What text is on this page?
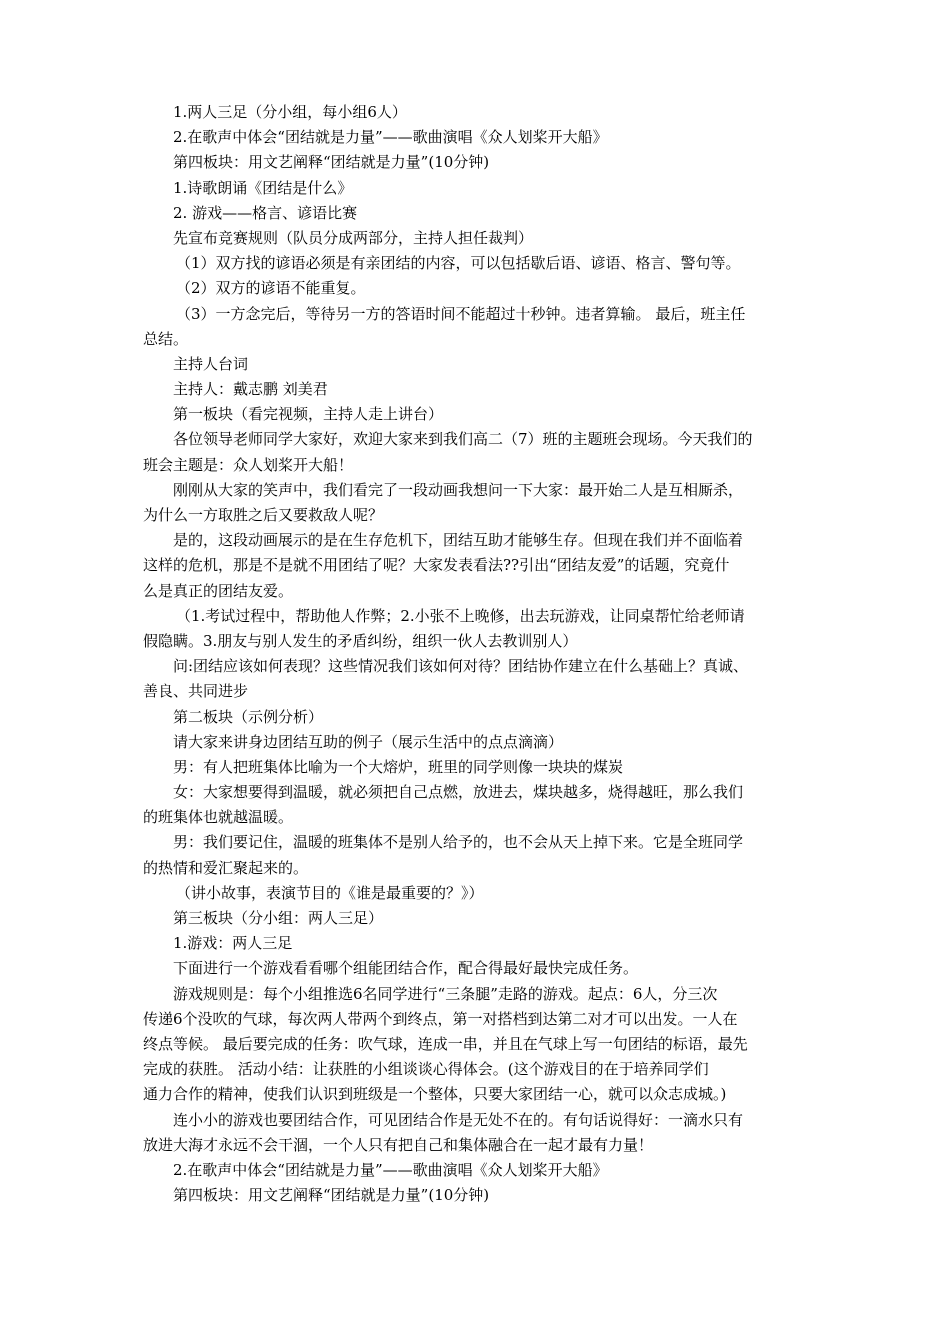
1.两人三足（分小组，每小组6人）
2.在歌声中体会“团结就是力量”——歌曲演唱《众人划桨开大船》
第四板块：用文艺阐释“团结就是力量”(10分钟)
1.诗歌朗诵《团结是什么》
2. 游戏——格言、谚语比赛
先宣布竞赛规则（队员分成两部分，主持人担任裁判）
（1）双方找的谚语必须是有亲团结的内容，可以包括歇后语、谚语、格言、警句等。
（2）双方的谚语不能重复。
（3）一方念完后，等待另一方的答语时间不能超过十秒钟。违者算输。 最后，班主任
总结。
主持人台词
主持人：戴志鹏 刘美君
第一板块（看完视频，主持人走上讲台）
各位领导老师同学大家好，欢迎大家来到我们高二（7）班的主题班会现场。今天我们的
班会主题是：众人划桨开大船！
刚刚从大家的笑声中，我们看完了一段动画我想问一下大家：最开始二人是互相厮杀，
为什么一方取胜之后又要救敌人呢？
是的，这段动画展示的是在生存危机下，团结互助才能够生存。但现在我们并不面临着
这样的危机，那是不是就不用团结了呢？大家发表看法??引出“团结友爱”的话题，究竟什
么是真正的团结友爱。
（1.考试过程中，帮助他人作弊；2.小张不上晚修，出去玩游戏，让同桌帮忙给老师请
假隐瞒。3.朋友与别人发生的矛盾纠纷，组织一伙人去教训别人）
问:团结应该如何表现？这些情况我们该如何对待？团结协作建立在什么基础上？真诚、
善良、共同进步
第二板块（示例分析）
请大家来讲身边团结互助的例子（展示生活中的点点滴滴）
男：有人把班集体比喻为一个大熔炉，班里的同学则像一块块的煤炭
女：大家想要得到温暖，就必须把自己点燃，放进去，煤块越多，烧得越旺，那么我们
的班集体也就越温暖。
男：我们要记住，温暖的班集体不是别人给予的，也不会从天上掉下来。它是全班同学
的热情和爱汇聚起来的。
（讲小故事，表演节目的《谁是最重要的？》）
第三板块（分小组：两人三足）
1.游戏：两人三足
下面进行一个游戏看看哪个组能团结合作，配合得最好最快完成任务。
游戏规则是：每个小组推选6名同学进行“三条腿”走路的游戏。起点：6人，分三次
传递6个没吹的气球，每次两人带两个到终点，第一对搭档到达第二对才可以出发。一人在
终点等候。 最后要完成的任务：吹气球，连成一串，并且在气球上写一句团结的标语，最先
完成的获胜。 活动小结：让获胜的小组谈谈心得体会。(这个游戏目的在于培养同学们
通力合作的精神，使我们认识到班级是一个整体，只要大家团结一心，就可以众志成城。)
连小小的游戏也要团结合作，可见团结合作是无处不在的。有句话说得好：一滴水只有
放进大海才永远不会干涸，一个人只有把自己和集体融合在一起才最有力量！
2.在歌声中体会“团结就是力量”——歌曲演唱《众人划桨开大船》
第四板块：用文艺阐释“团结就是力量”(10分钟)
